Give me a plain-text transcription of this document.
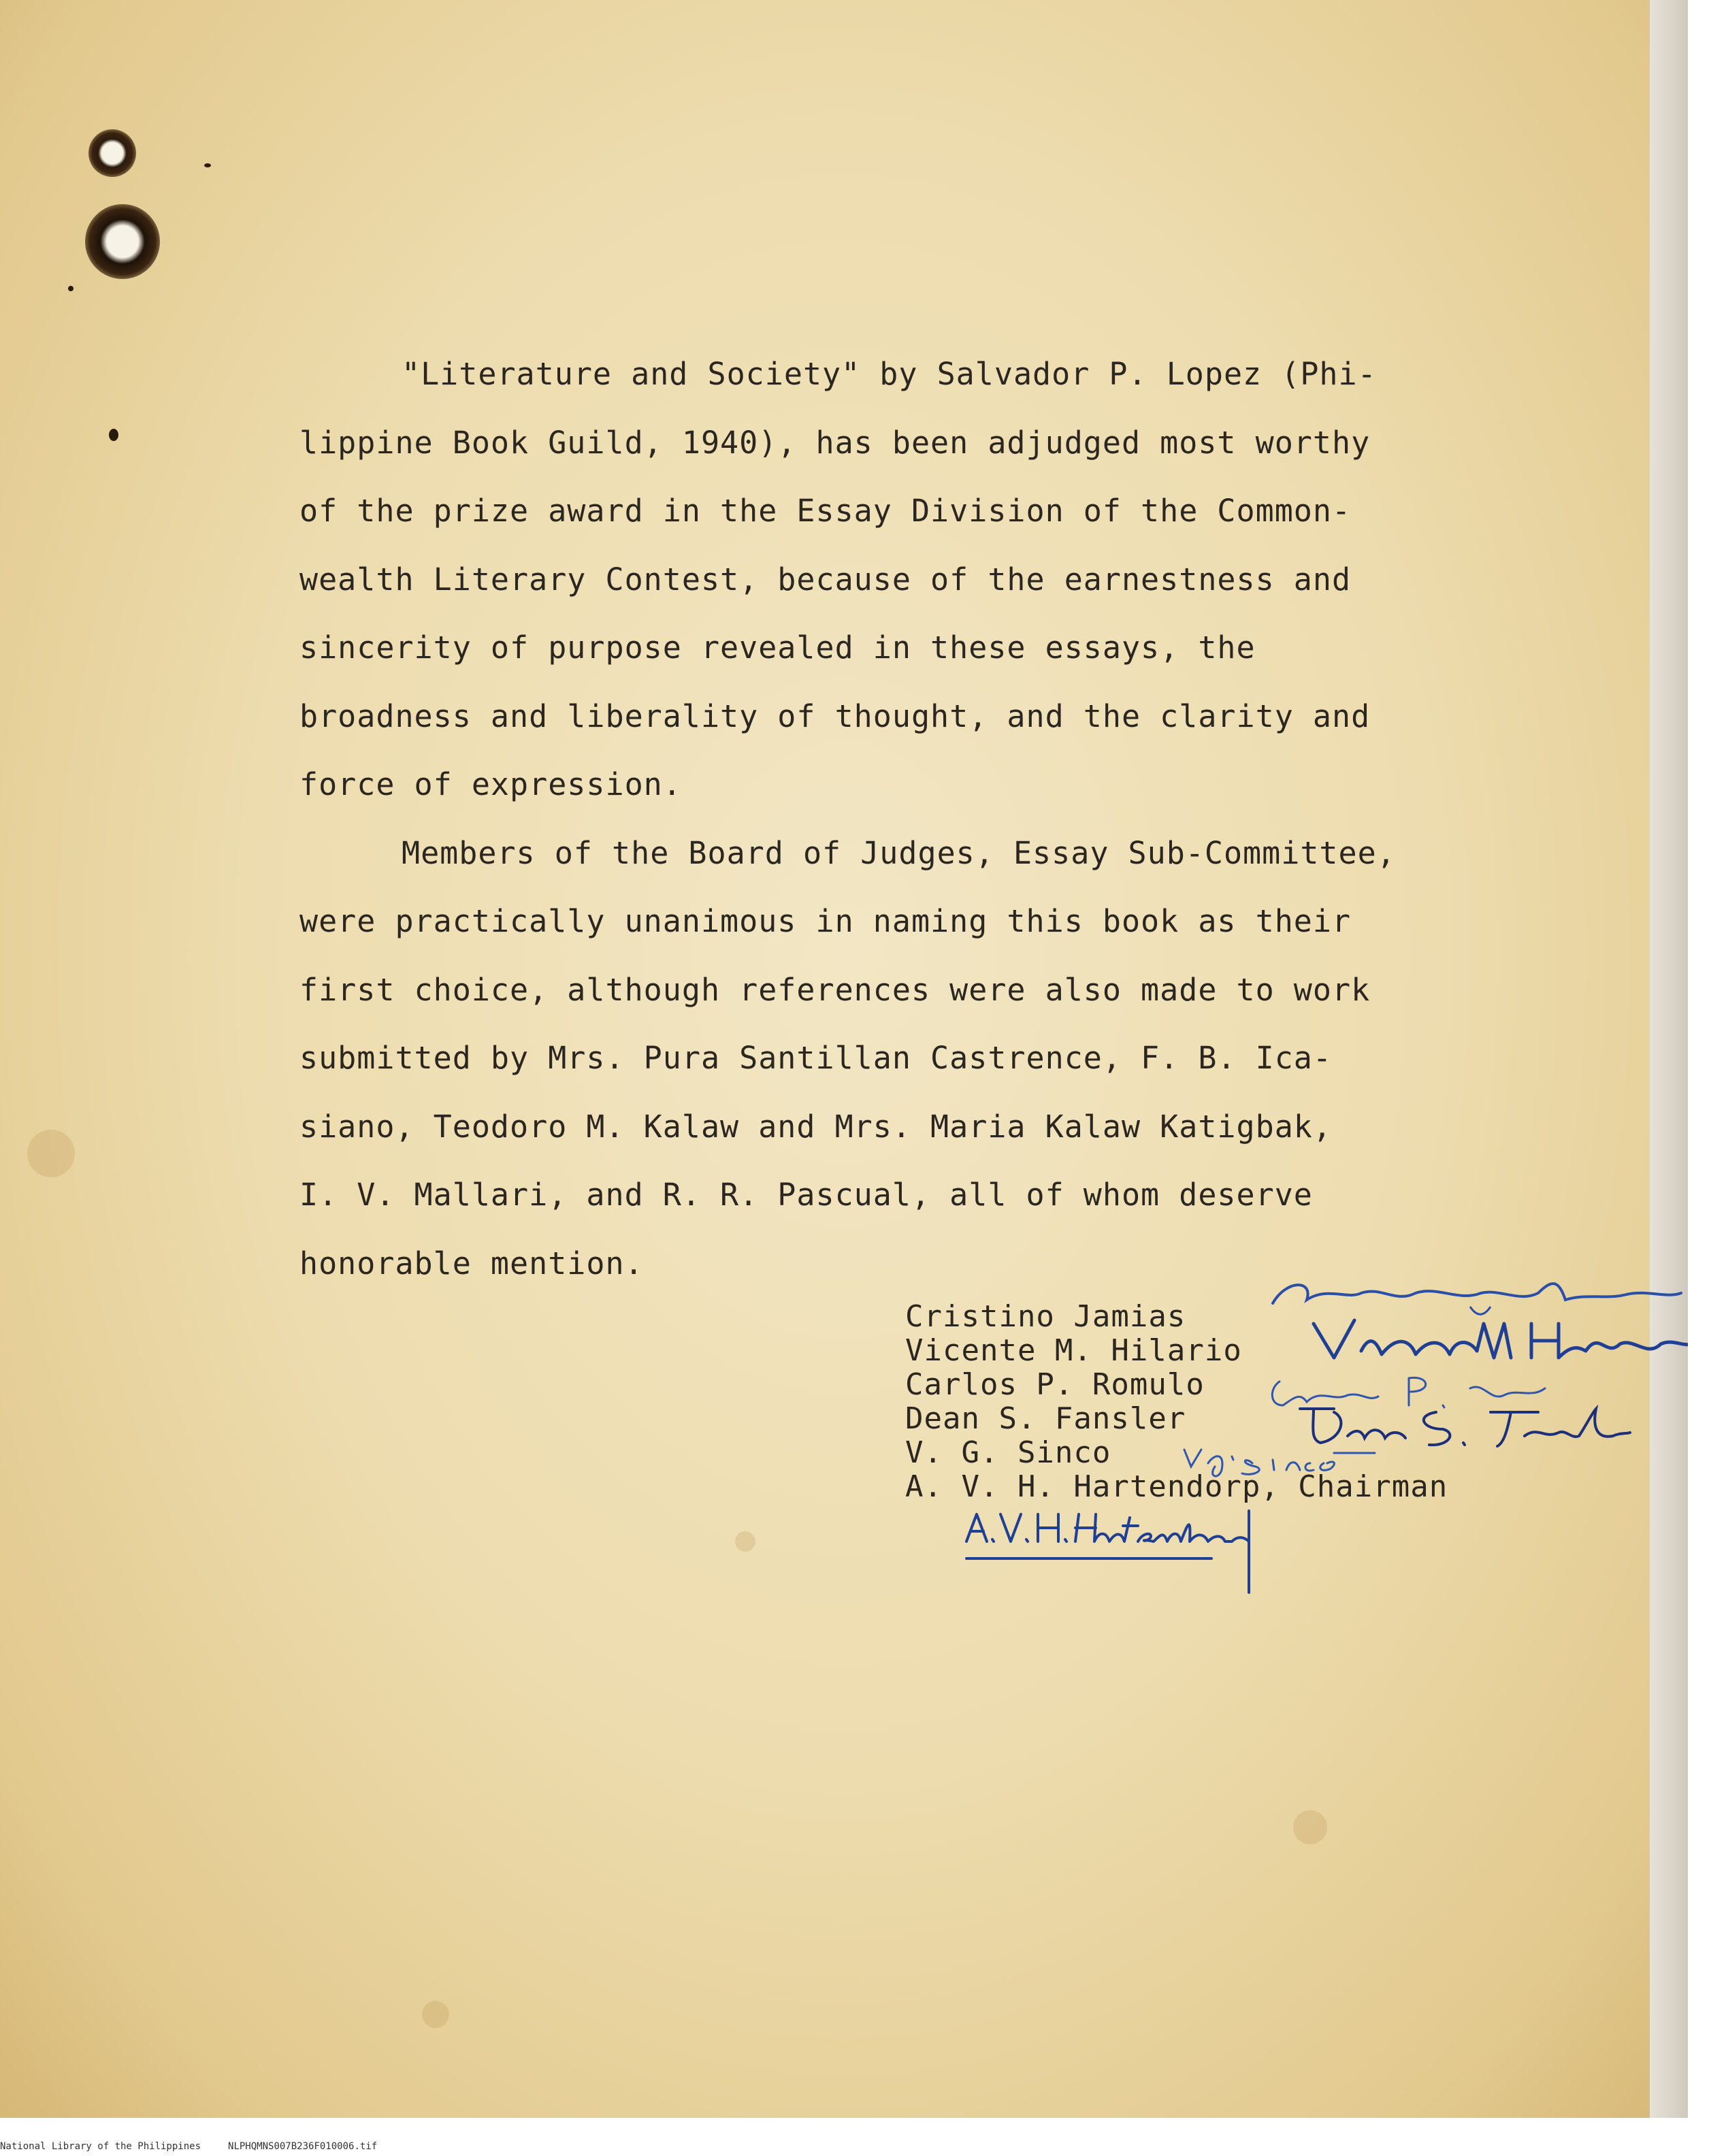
"Literature and Society" by Salvador P. Lopez (Phi-
lippine Book Guild, 1940), has been adjudged most worthy
of the prize award in the Essay Division of the Common-
wealth Literary Contest, because of the earnestness and
sincerity of purpose revealed in these essays, the
broadness and liberality of thought, and the clarity and
force of expression.
Members of the Board of Judges, Essay Sub-Committee,
were practically unanimous in naming this book as their
first choice, although references were also made to work
submitted by Mrs. Pura Santillan Castrence, F. B. Ica-
siano, Teodoro M. Kalaw and Mrs. Maria Kalaw Katigbak,
I. V. Mallari, and R. R. Pascual, all of whom deserve
honorable mention.
Cristino Jamias
Vicente M. Hilario
Carlos P. Romulo
Dean S. Fansler
V. G. Sinco
A. V. H. Hartendorp, Chairman
National Library of the Philippines	NLPHQMNS007B236F010006.tif
